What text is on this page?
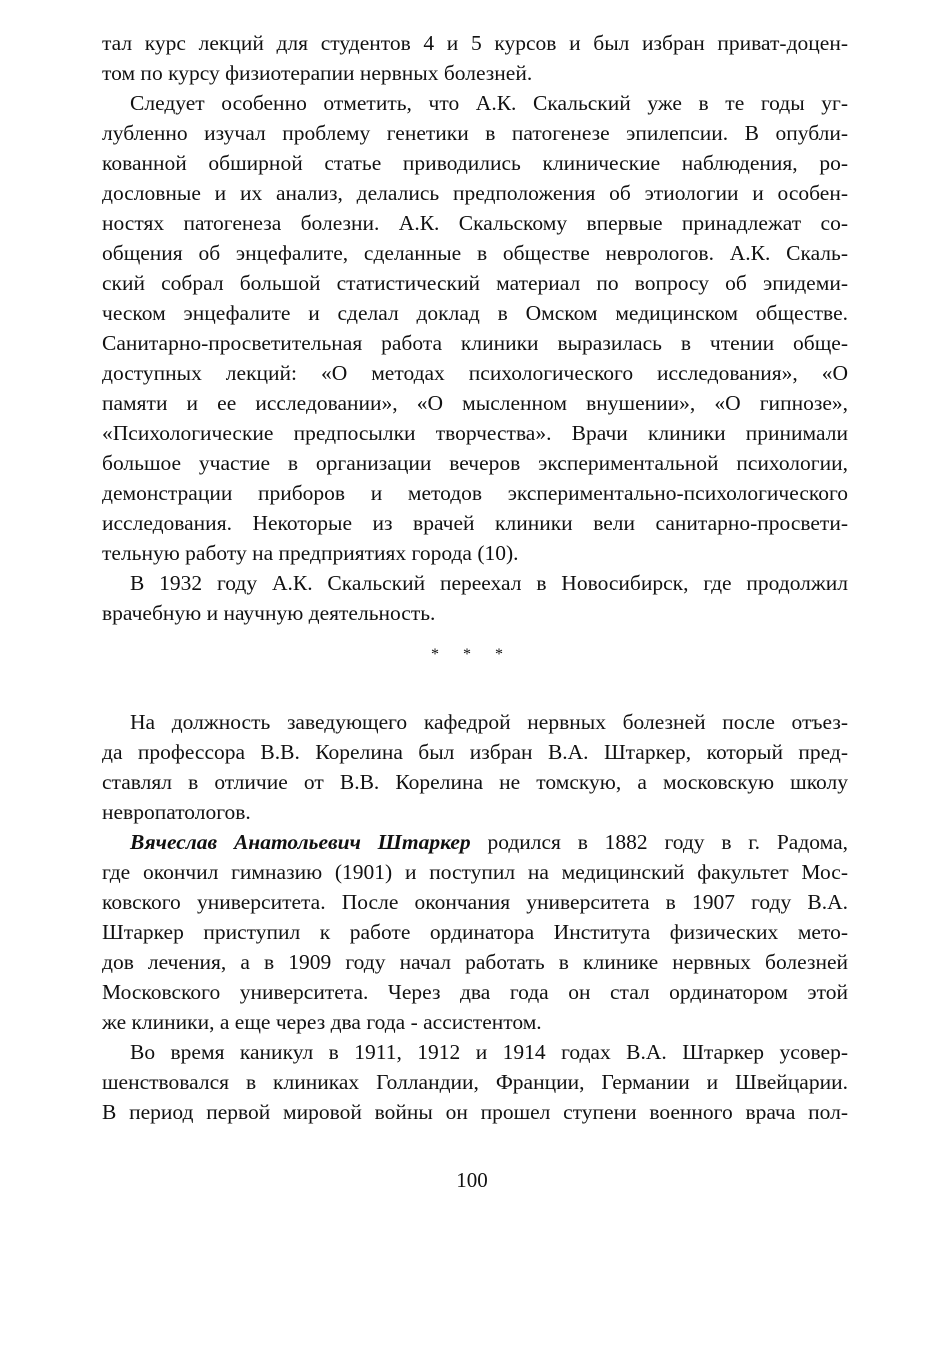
тал курс лекций для студентов 4 и 5 курсов и был избран приват-доцен-
том по курсу физиотерапии нервных болезней.
Следует особенно отметить, что А.К. Скальский уже в те годы уг-
лубленно изучал проблему генетики в патогенезе эпилепсии. В опубли-
кованной обширной статье приводились клинические наблюдения, ро-
дословные и их анализ, делались предположения об этиологии и особен-
ностях патогенеза болезни. А.К. Скальскому впервые принадлежат со-
общения об энцефалите, сделанные в обществе неврологов. А.К. Скаль-
ский собрал большой статистический материал по вопросу об эпидеми-
ческом энцефалите и сделал доклад в Омском медицинском обществе.
Санитарно-просветительная работа клиники выразилась в чтении обще-
доступных лекций: «О методах психологического исследования», «О
памяти и ее исследовании», «О мысленном внушении», «О гипнозе»,
«Психологические предпосылки творчества». Врачи клиники принимали
большое участие в организации вечеров экспериментальной психологии,
демонстрации приборов и методов экспериментально-психологического
исследования. Некоторые из врачей клиники вели санитарно-просвети-
тельную работу на предприятиях города (10).
В 1932 году А.К. Скальский переехал в Новосибирск, где продолжил
врачебную и научную деятельность.
* * *
На должность заведующего кафедрой нервных болезней после отъез-
да профессора В.В. Корелина был избран В.А. Штаркер, который пред-
ставлял в отличие от В.В. Корелина не томскую, а московскую школу
невропатологов.
Вячеслав Анатольевич Штаркер родился в 1882 году в г. Радома,
где окончил гимназию (1901) и поступил на медицинский факультет Мос-
ковского университета. После окончания университета в 1907 году В.А.
Штаркер приступил к работе ординатора Института физических мето-
дов лечения, а в 1909 году начал работать в клинике нервных болезней
Московского университета. Через два года он стал ординатором этой
же клиники, а еще через два года - ассистентом.
Во время каникул в 1911, 1912 и 1914 годах В.А. Штаркер усовер-
шенствовался в клиниках Голландии, Франции, Германии и Швейцарии.
В период первой мировой войны он прошел ступени военного врача пол-
100
